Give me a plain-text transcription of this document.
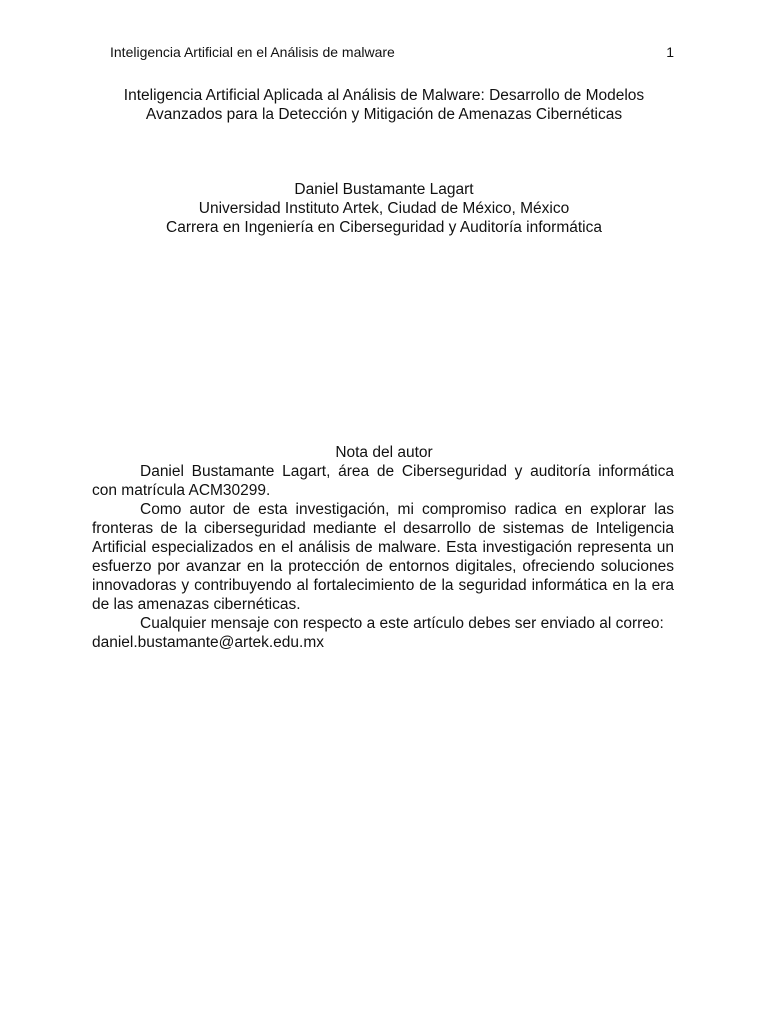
Inteligencia Artificial en el Análisis de malware	1
Inteligencia Artificial Aplicada al Análisis de Malware: Desarrollo de Modelos
Avanzados para la Detección y Mitigación de Amenazas Cibernéticas
Daniel Bustamante Lagart
Universidad Instituto Artek, Ciudad de México, México
Carrera en Ingeniería en Ciberseguridad y Auditoría informática
Nota del autor

Daniel Bustamante Lagart, área de Ciberseguridad y auditoría informática con matrícula ACM30299.

Como autor de esta investigación, mi compromiso radica en explorar las fronteras de la ciberseguridad mediante el desarrollo de sistemas de Inteligencia Artificial especializados en el análisis de malware. Esta investigación representa un esfuerzo por avanzar en la protección de entornos digitales, ofreciendo soluciones innovadoras y contribuyendo al fortalecimiento de la seguridad informática en la era de las amenazas cibernéticas.

Cualquier mensaje con respecto a este artículo debes ser enviado al correo:
daniel.bustamante@artek.edu.mx
